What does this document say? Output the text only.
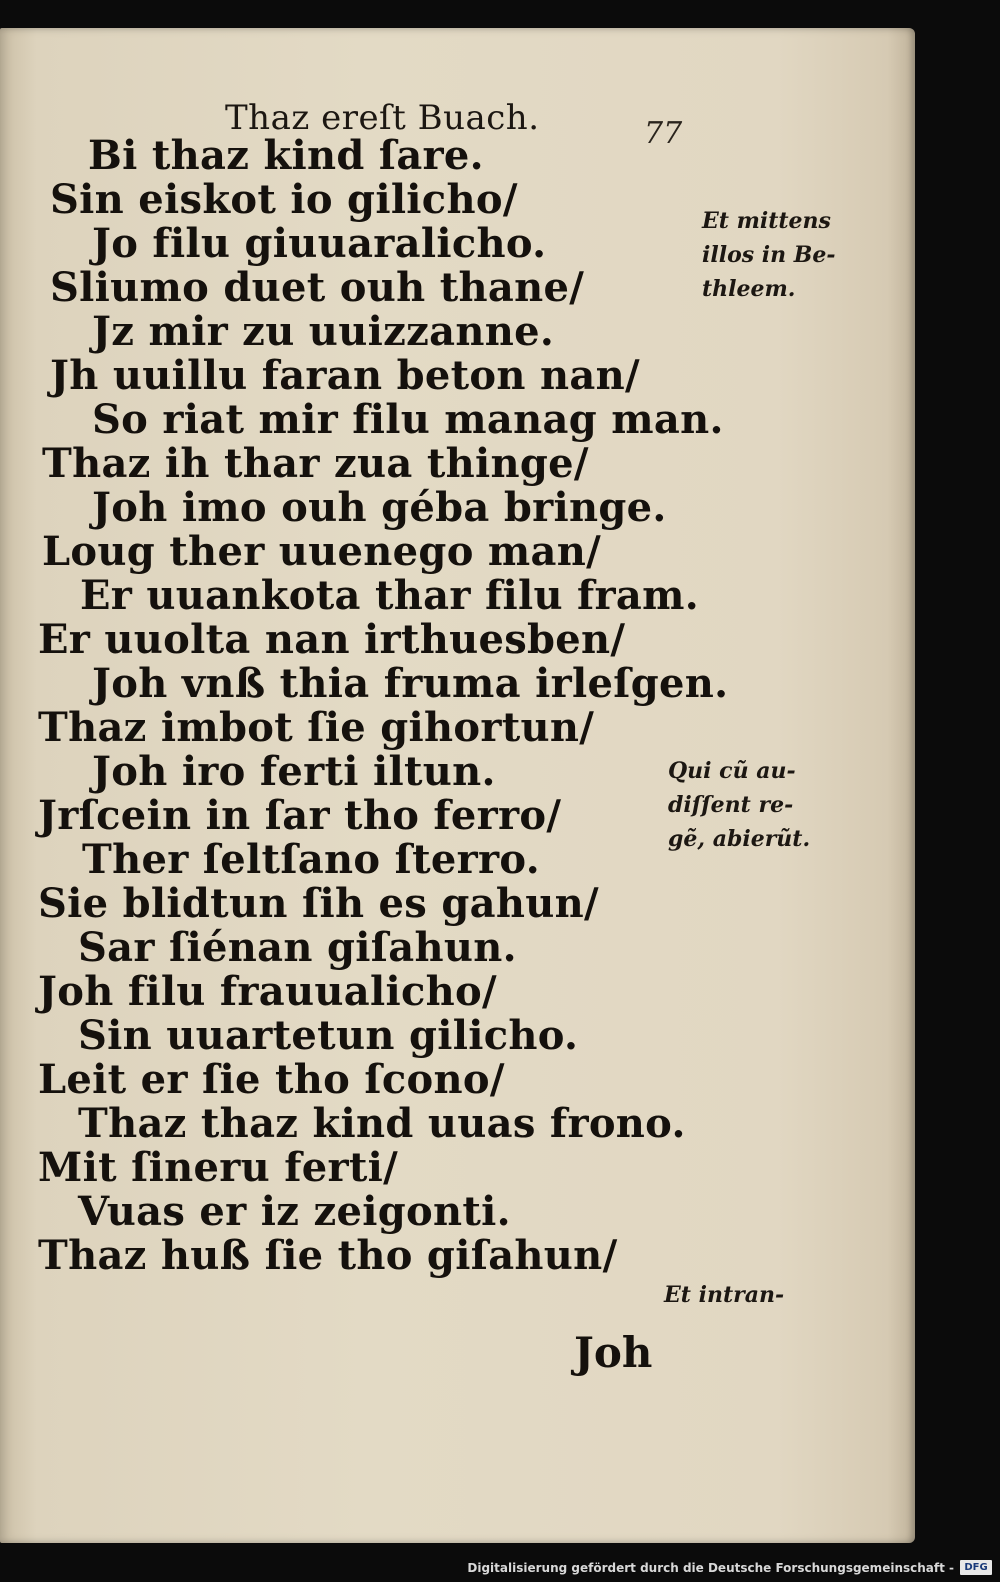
Thaz ereſt Buach.	77
Bi thaz kind ſare.
Sin eiskot io gilicho/
Jo filu giuuaralicho.
Sliumo duet ouh thane/
Jz mir zu uuizzanne.
Jh uuillu faran beton nan/
So riat mir filu manag man.
Thaz ih thar zua thinge/
Joh imo ouh géba bringe.
Loug ther uuenego man/
Er uuankota thar filu fram.
Er uuolta nan irthuesben/
Joh vnß thia fruma irleſgen.
Thaz imbot ſie gihortun/
Joh iro ferti iltun.
Jrſcein in ſar tho ferro/
Ther ſeltſano ſterro.
Sie blidtun ſih es gahun/
Sar ſiénan giſahun.
Joh filu frauualicho/
Sin uuartetun gilicho.
Leit er ſie tho ſcono/
Thaz thaz kind uuas frono.
Mit ſineru ferti/
Vuas er iz zeigonti.
Thaz huß ſie tho giſahun/
Et mittens
illos in Be-
thleem.
Qui cũ au-
diſſent re-
gẽ, abierũt.
Et intran-
Joh
Digitalisierung gefördert durch die Deutsche Forschungsgemeinschaft -	DFG
